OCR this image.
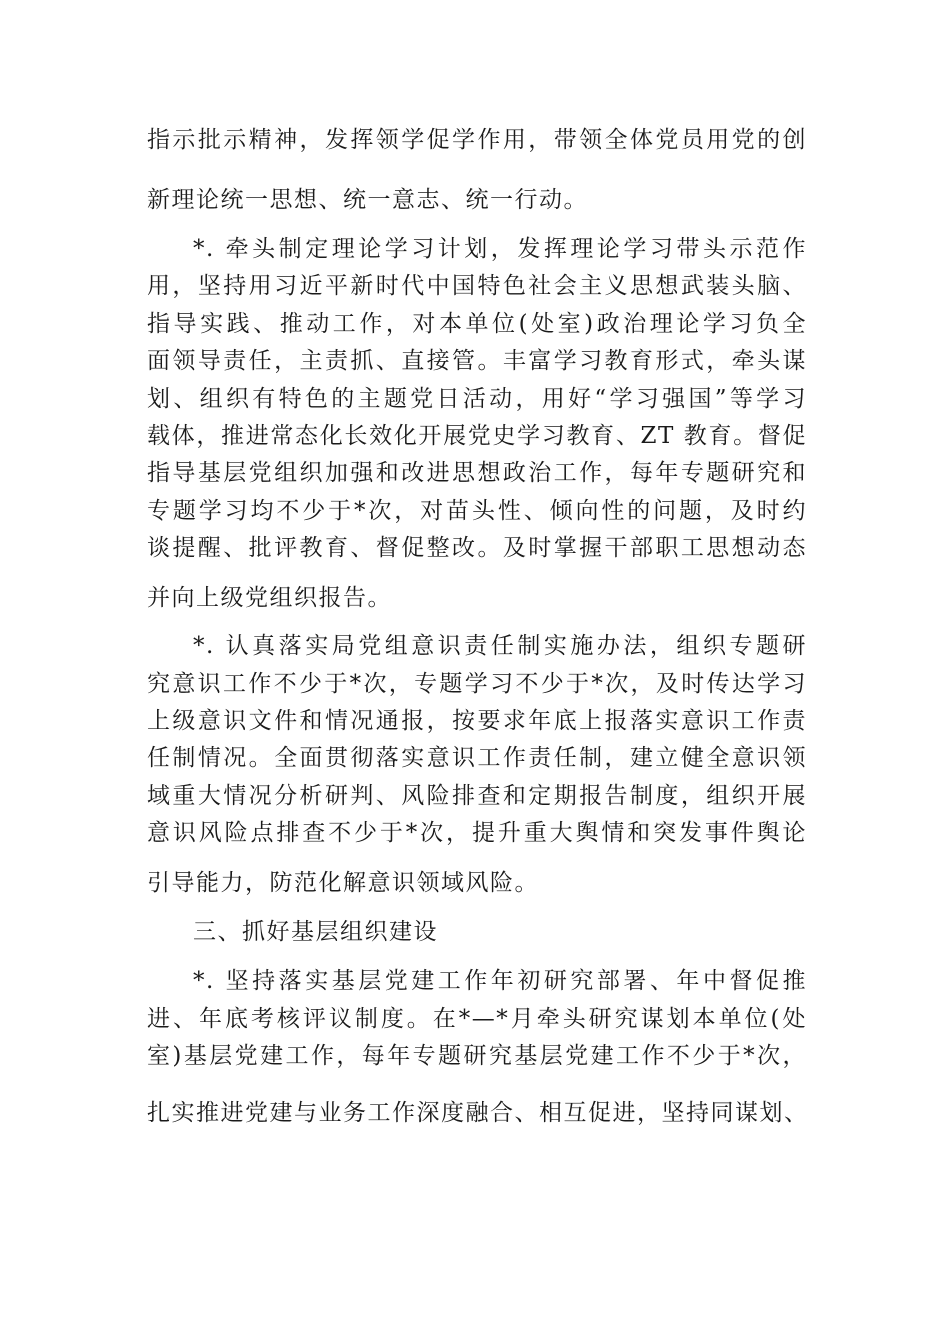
指示批示精神，发挥领学促学作用，带领全体党员用党的创
新理论统一思想、统一意志、统一行动。
*. 牵头制定理论学习计划，发挥理论学习带头示范作
用，坚持用习近平新时代中国特色社会主义思想武装头脑、
指导实践、推动工作，对本单位(处室)政治理论学习负全
面领导责任，主责抓、直接管。丰富学习教育形式，牵头谋
划、组织有特色的主题党日活动，用好“学习强国”等学习
载体，推进常态化长效化开展党史学习教育、ZT 教育。督促
指导基层党组织加强和改进思想政治工作，每年专题研究和
专题学习均不少于*次，对苗头性、倾向性的问题，及时约
谈提醒、批评教育、督促整改。及时掌握干部职工思想动态
并向上级党组织报告。
*. 认真落实局党组意识责任制实施办法，组织专题研
究意识工作不少于*次，专题学习不少于*次，及时传达学习
上级意识文件和情况通报，按要求年底上报落实意识工作责
任制情况。全面贯彻落实意识工作责任制，建立健全意识领
域重大情况分析研判、风险排查和定期报告制度，组织开展
意识风险点排查不少于*次，提升重大舆情和突发事件舆论
引导能力，防范化解意识领域风险。
三、抓好基层组织建设
*. 坚持落实基层党建工作年初研究部署、年中督促推
进、年底考核评议制度。在*—*月牵头研究谋划本单位(处
室)基层党建工作，每年专题研究基层党建工作不少于*次，
扎实推进党建与业务工作深度融合、相互促进，坚持同谋划、
